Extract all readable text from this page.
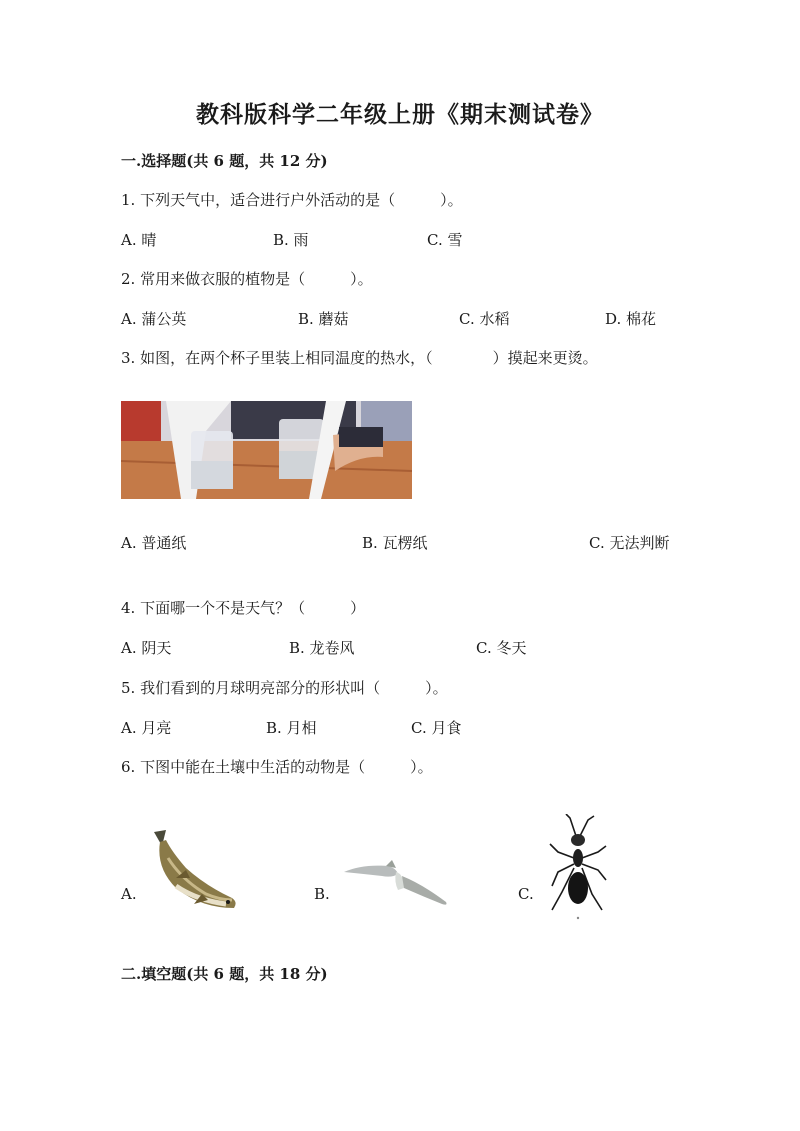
教科版科学二年级上册《期末测试卷》
一.选择题(共 6 题，共 12 分)
1. 下列天气中，适合进行户外活动的是（　　　）。
A. 晴	B. 雨	C. 雪
2. 常用来做衣服的植物是（　　　）。
A. 蒲公英	B. 蘑菇	C. 水稻	D. 棉花
3. 如图，在两个杯子里装上相同温度的热水，（　　　　）摸起来更烫。
A. 普通纸	B. 瓦楞纸	C. 无法判断
4. 下面哪一个不是天气？（　　　）
A. 阴天	B. 龙卷风	C. 冬天
5. 我们看到的月球明亮部分的形状叫（　　　）。
A. 月亮	B. 月相	C. 月食
6. 下图中能在土壤中生活的动物是（　　　）。
A.	B.	C.
二.填空题(共 6 题，共 18 分)
